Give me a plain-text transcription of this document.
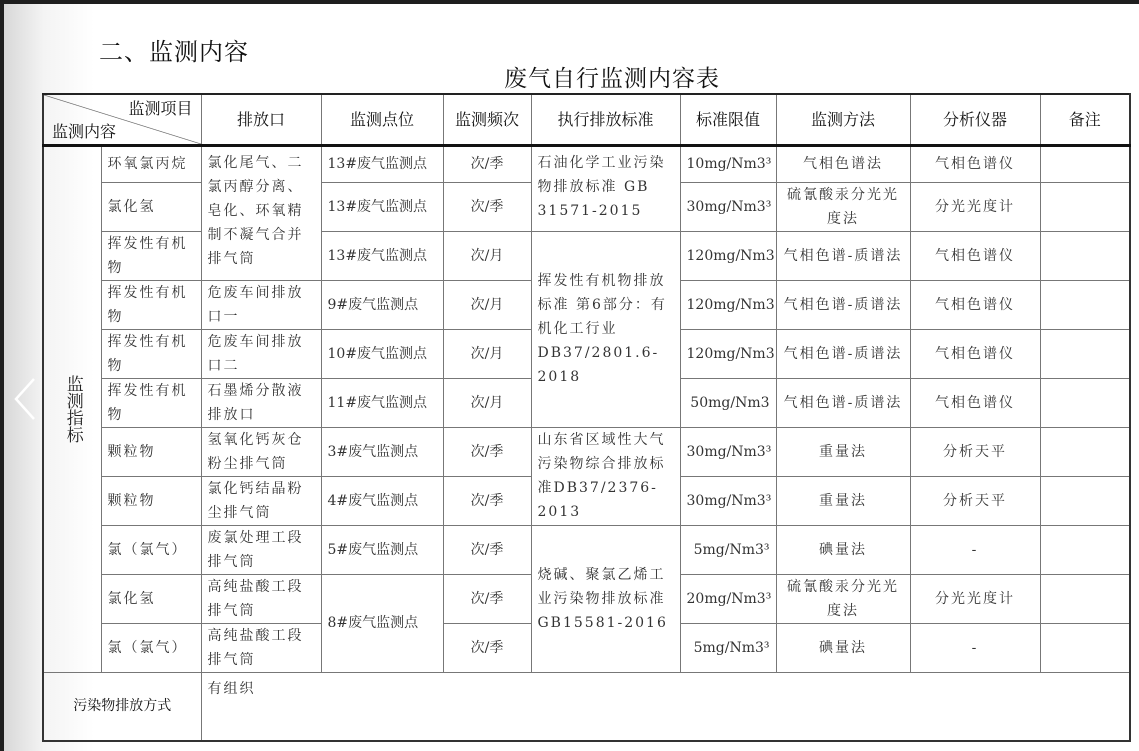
二、监测内容
废气自行监测内容表
监测项目
监测内容		排放口	监测点位	监测频次	执行排放标准	标准限值	监测方法	分析仪器	备注

监测指标	环氧氯丙烷	氯化尾气、二氯丙醇分离、皂化、环氧精制不凝气合并排气筒	13#废气监测点	次/季	石油化学工业污染物排放标准 GB 31571-2015	10mg/Nm3³	气相色谱法	气相色谱仪	
	氯化氢		13#废气监测点	次/季		30mg/Nm3³	硫氰酸汞分光光度法	分光光度计	
	挥发性有机物		13#废气监测点	次/月	挥发性有机物排放标准 第6部分：有机化工行业 DB37/2801.6-2018	120mg/Nm3	气相色谱-质谱法	气相色谱仪	
	挥发性有机物	危废车间排放口一	9#废气监测点	次/月		120mg/Nm3	气相色谱-质谱法	气相色谱仪	
	挥发性有机物	危废车间排放口二	10#废气监测点	次/月		120mg/Nm3	气相色谱-质谱法	气相色谱仪	
	挥发性有机物	石墨烯分散液排放口	11#废气监测点	次/月		50mg/Nm3	气相色谱-质谱法	气相色谱仪	
	颗粒物	氢氧化钙灰仓粉尘排气筒	3#废气监测点	次/季	山东省区域性大气污染物综合排放标准DB37/2376-2013	30mg/Nm3³	重量法	分析天平	
	颗粒物	氯化钙结晶粉尘排气筒	4#废气监测点	次/季		30mg/Nm3³	重量法	分析天平	
	氯（氯气）	废氯处理工段排气筒	5#废气监测点	次/季	烧碱、聚氯乙烯工业污染物排放标准GB15581-2016	5mg/Nm3³	碘量法	-	
	氯化氢	高纯盐酸工段排气筒	8#废气监测点	次/季		20mg/Nm3³	硫氰酸汞分光光度法	分光光度计	
	氯（氯气）	高纯盐酸工段排气筒		次/季		5mg/Nm3³	碘量法	-	
污染物排放方式		有组织							
